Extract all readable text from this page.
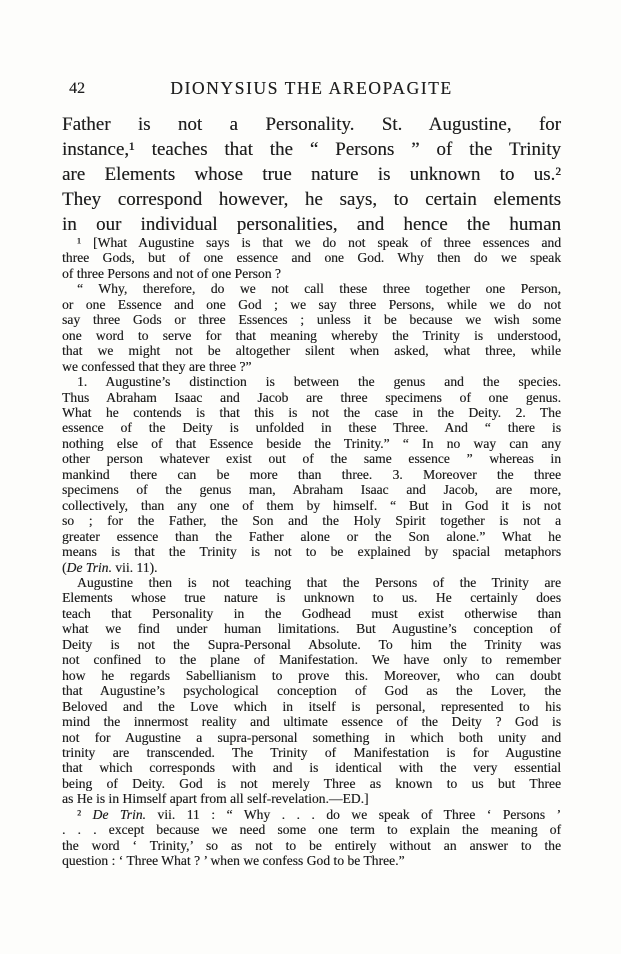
42	DIONYSIUS THE AREOPAGITE
Father is not a Personality. St. Augustine, for
instance,¹ teaches that the “ Persons ” of the Trinity
are Elements whose true nature is unknown to us.²
They correspond however, he says, to certain elements
in our individual personalities, and hence the human
¹ [What Augustine says is that we do not speak of three essences and
three Gods, but of one essence and one God. Why then do we speak
of three Persons and not of one Person ?
“ Why, therefore, do we not call these three together one Person,
or one Essence and one God ; we say three Persons, while we do not
say three Gods or three Essences ; unless it be because we wish some
one word to serve for that meaning whereby the Trinity is understood,
that we might not be altogether silent when asked, what three, while
we confessed that they are three ?”
1. Augustine’s distinction is between the genus and the species.
Thus Abraham Isaac and Jacob are three specimens of one genus.
What he contends is that this is not the case in the Deity. 2. The
essence of the Deity is unfolded in these Three. And “ there is
nothing else of that Essence beside the Trinity.” “ In no way can any
other person whatever exist out of the same essence ” whereas in
mankind there can be more than three. 3. Moreover the three
specimens of the genus man, Abraham Isaac and Jacob, are more,
collectively, than any one of them by himself. “ But in God it is not
so ; for the Father, the Son and the Holy Spirit together is not a
greater essence than the Father alone or the Son alone.” What he
means is that the Trinity is not to be explained by spacial metaphors
(De Trin. vii. 11).
Augustine then is not teaching that the Persons of the Trinity are
Elements whose true nature is unknown to us. He certainly does
teach that Personality in the Godhead must exist otherwise than
what we find under human limitations. But Augustine’s conception of
Deity is not the Supra-Personal Absolute. To him the Trinity was
not confined to the plane of Manifestation. We have only to remember
how he regards Sabellianism to prove this. Moreover, who can doubt
that Augustine’s psychological conception of God as the Lover, the
Beloved and the Love which in itself is personal, represented to his
mind the innermost reality and ultimate essence of the Deity ? God is
not for Augustine a supra-personal something in which both unity and
trinity are transcended. The Trinity of Manifestation is for Augustine
that which corresponds with and is identical with the very essential
being of Deity. God is not merely Three as known to us but Three
as He is in Himself apart from all self-revelation.—ED.]
² De Trin. vii. 11 : “ Why . . . do we speak of Three ‘ Persons ’
. . . except because we need some one term to explain the meaning of
the word ‘ Trinity,’ so as not to be entirely without an answer to the
question : ‘ Three What ? ’ when we confess God to be Three.”
